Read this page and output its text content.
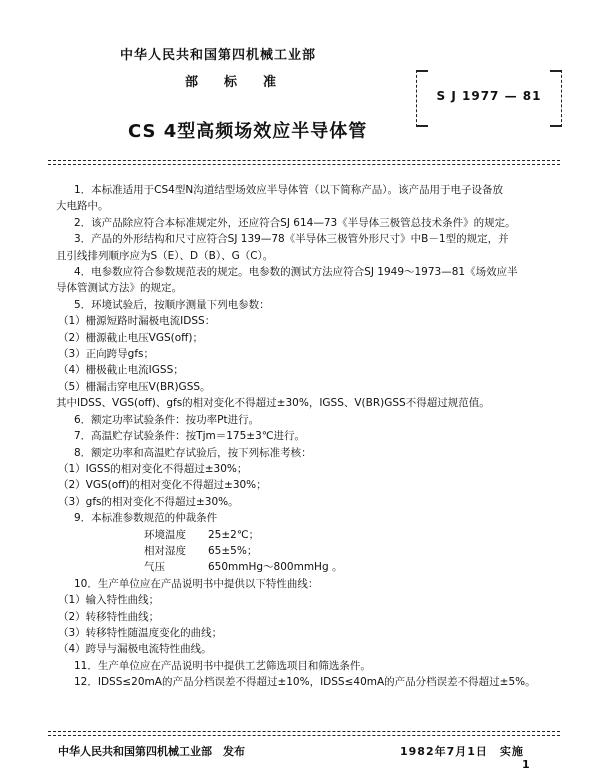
中华人民共和国第四机械工业部
部标准
CS 4型高频场效应半导体管
S J 1977 — 81
1．本标准适用于CS4型N沟道结型场效应半导体管（以下简称产品）。该产品用于电子设备放
大电路中。
2．该产品除应符合本标准规定外，还应符合SJ 614—73《半导体三极管总技术条件》的规定。
3．产品的外形结构和尺寸应符合SJ 139—78《半导体三极管外形尺寸》中B－1型的规定，并
且引线排列顺序应为S（E）、D（B）、G（C）。
4．电参数应符合参数规范表的规定。电参数的测试方法应符合SJ 1949～1973—81《场效应半
导体管测试方法》的规定。
5．环境试验后，按顺序测量下列电参数：
（1）栅源短路时漏极电流IDSS：
（2）栅源截止电压VGS(off)；
（3）正向跨导gfs；
（4）栅极截止电流IGSS；
（5）栅漏击穿电压V(BR)GSS。
其中IDSS、VGS(off)、gfs的相对变化不得超过±30%，IGSS、V(BR)GSS不得超过规范值。
6．额定功率试验条件：按功率Pt进行。
7．高温贮存试验条件：按Tjm＝175±3℃进行。
8．额定功率和高温贮存试验后，按下列标准考核：
（1）IGSS的相对变化不得超过±30%；
（2）VGS(off)的相对变化不得超过±30%；
（3）gfs的相对变化不得超过±30%。
9．本标准参数规范的仲裁条件
环境温度 25±2℃；
相对湿度 65±5%；
气压	650mmHg～800mmHg 。
10．生产单位应在产品说明书中提供以下特性曲线：
（1）输入特性曲线；
（2）转移特性曲线；
（3）转移特性随温度变化的曲线；
（4）跨导与漏极电流特性曲线。
11．生产单位应在产品说明书中提供工艺筛选项目和筛选条件。
12．IDSS≤20mA的产品分档误差不得超过±10%，IDSS≤40mA的产品分档误差不得超过±5%。
中华人民共和国第四机械工业部　发布	1982年7月1日　实施
1
